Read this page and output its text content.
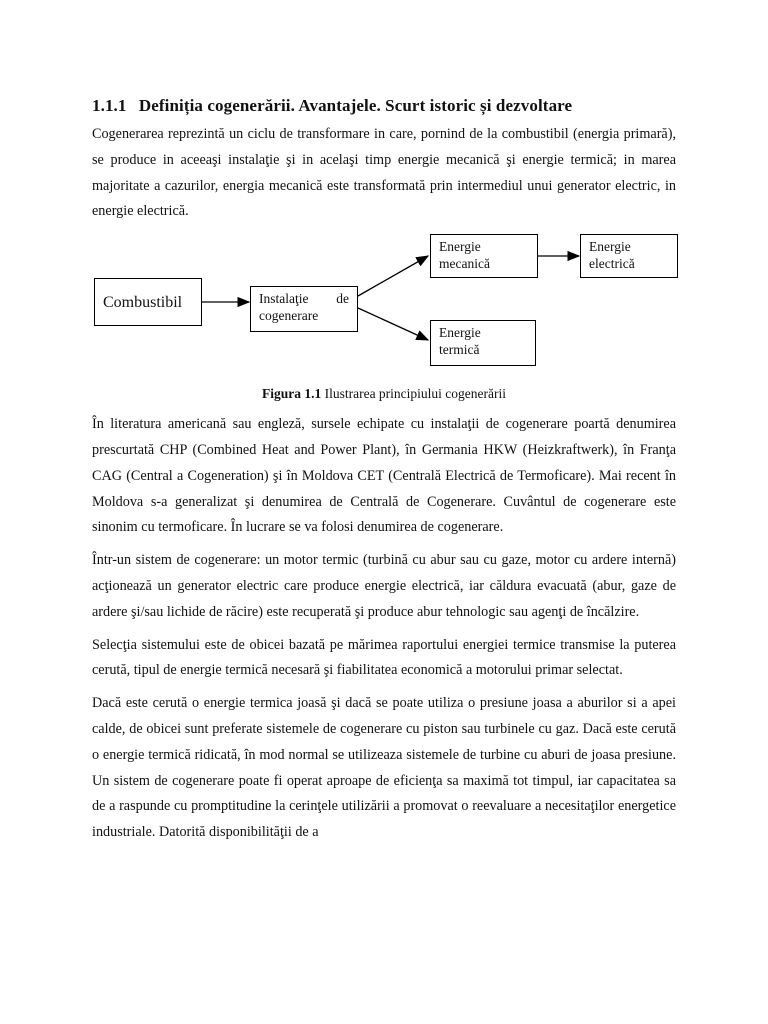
1.1.1 Definiția cogenerării. Avantajele. Scurt istoric și dezvoltare

Cogenerarea reprezintă un ciclu de transformare in care, pornind de la combustibil (energia primară), se produce in aceeaşi instalaţie şi in acelaşi timp energie mecanică şi energie termică; in marea majoritate a cazurilor, energia mecanică este transformată prin intermediul unui generator electric, in energie electrică.

Combustibil	Instalaţie de
cogenerare
Energie
mecanică
Energie
electrică
Energie
termică
Figura 1.1 Ilustrarea principiului cogenerării

În literatura americană sau engleză, sursele echipate cu instalaţii de cogenerare poartă denumirea prescurtată CHP (Combined Heat and Power Plant), în Germania HKW (Heizkraftwerk), în Franţa CAG (Central a Cogeneration) şi în Moldova CET (Centrală Electrică de Termoficare). Mai recent în Moldova s-a generalizat şi denumirea de Centrală de Cogenerare. Cuvântul de cogenerare este sinonim cu termoficare. În lucrare se va folosi denumirea de cogenerare.

Într-un sistem de cogenerare: un motor termic (turbină cu abur sau cu gaze, motor cu ardere internă) acţionează un generator electric care produce energie electrică, iar căldura evacuată (abur, gaze de ardere şi/sau lichide de răcire) este recuperată şi produce abur tehnologic sau agenţi de încălzire.

Selecţia sistemului este de obicei bazată pe mărimea raportului energiei termice transmise la puterea cerută, tipul de energie termică necesară şi fiabilitatea economică a motorului primar selectat.

Dacă este cerută o energie termica joasă şi dacă se poate utiliza o presiune joasa a aburilor si a apei calde, de obicei sunt preferate sistemele de cogenerare cu piston sau turbinele cu gaz. Dacă este cerută o energie termică ridicată, în mod normal se utilizeaza sistemele de turbine cu aburi de joasa presiune. Un sistem de cogenerare poate fi operat aproape de eficienţa sa maximă tot timpul, iar capacitatea sa de a raspunde cu promptitudine la cerinţele utilizării a promovat o reevaluare a necesitaţilor energetice industriale. Datorită disponibilităţii de a
